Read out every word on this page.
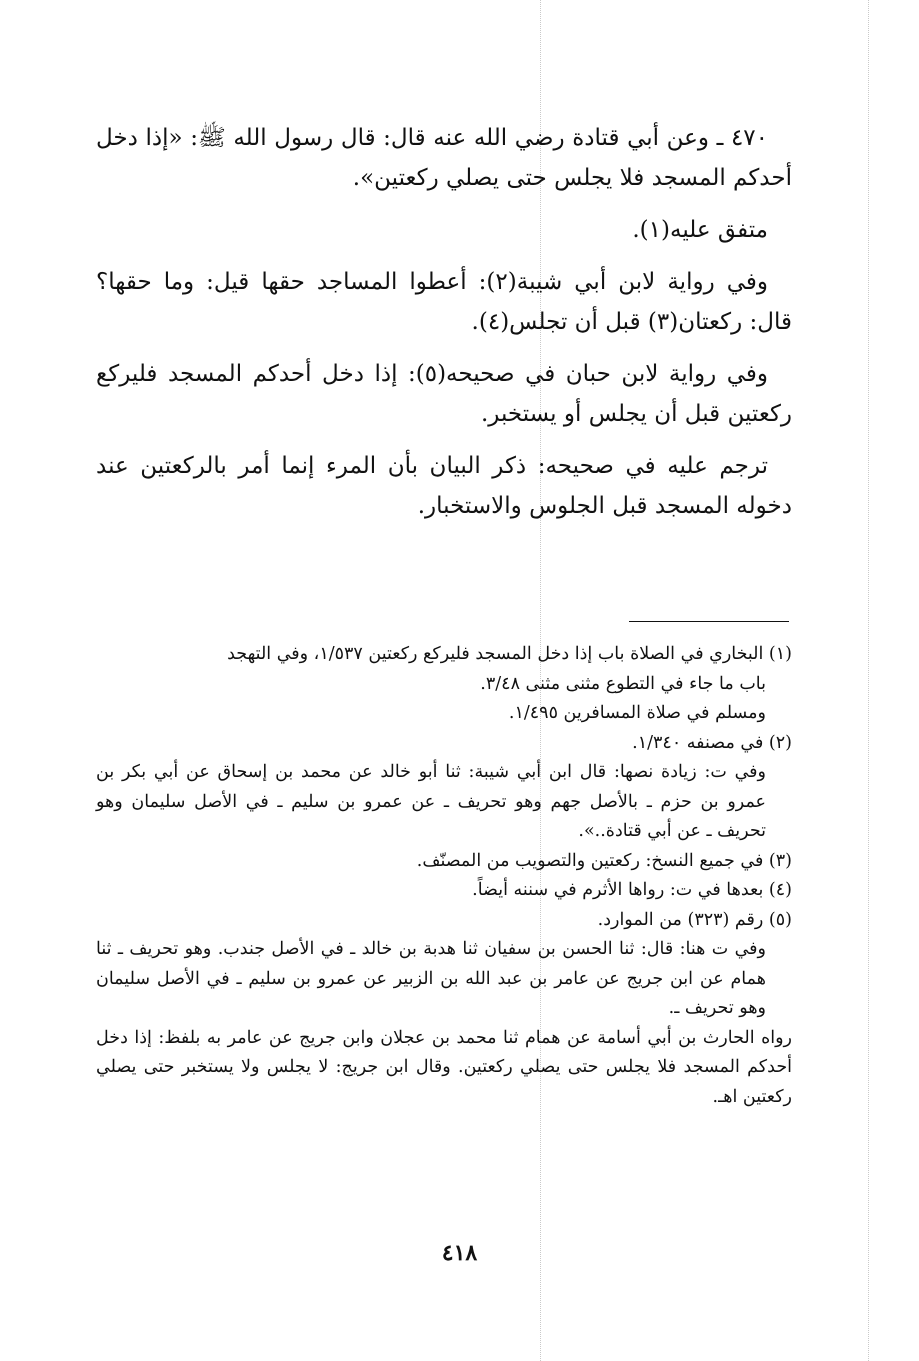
٤٧٠ ـ وعن أبي قتادة رضي الله عنه قال: قال رسول الله ﷺ: «إذا دخل أحدكم المسجد فلا يجلس حتى يصلي ركعتين».

متفق عليه(١).

وفي رواية لابن أبي شيبة(٢): أعطوا المساجد حقها قيل: وما حقها؟ قال: ركعتان(٣) قبل أن تجلس(٤).

وفي رواية لابن حبان في صحيحه(٥): إذا دخل أحدكم المسجد فليركع ركعتين قبل أن يجلس أو يستخبر.

ترجم عليه في صحيحه: ذكر البيان بأن المرء إنما أمر بالركعتين عند دخوله المسجد قبل الجلوس والاستخبار.

(١) البخاري في الصلاة باب إذا دخل المسجد فليركع ركعتين ١/٥٣٧، وفي التهجد

باب ما جاء في التطوع مثنى مثنى ٣/٤٨.

ومسلم في صلاة المسافرين ١/٤٩٥.

(٢) في مصنفه ١/٣٤٠.

وفي ت: زيادة نصها: قال ابن أبي شيبة: ثنا أبو خالد عن محمد بن إسحاق عن أبي بكر بن عمرو بن حزم ـ بالأصل جهم وهو تحريف ـ عن عمرو بن سليم ـ في الأصل سليمان وهو تحريف ـ عن أبي قتادة..».

(٣) في جميع النسخ: ركعتين والتصويب من المصنّف.

(٤) بعدها في ت: رواها الأثرم في سننه أيضاً.

(٥) رقم (٣٢٣) من الموارد.

وفي ت هنا: قال: ثنا الحسن بن سفيان ثنا هدبة بن خالد ـ في الأصل جندب. وهو تحريف ـ ثنا همام عن ابن جريج عن عامر بن عبد الله بن الزبير عن عمرو بن سليم ـ في الأصل سليمان وهو تحريف ـ.

رواه الحارث بن أبي أسامة عن همام ثنا محمد بن عجلان وابن جريج عن عامر به بلفظ: إذا دخل أحدكم المسجد فلا يجلس حتى يصلي ركعتين. وقال ابن جريج: لا يجلس ولا يستخبر حتى يصلي ركعتين اهـ.

٤١٨
